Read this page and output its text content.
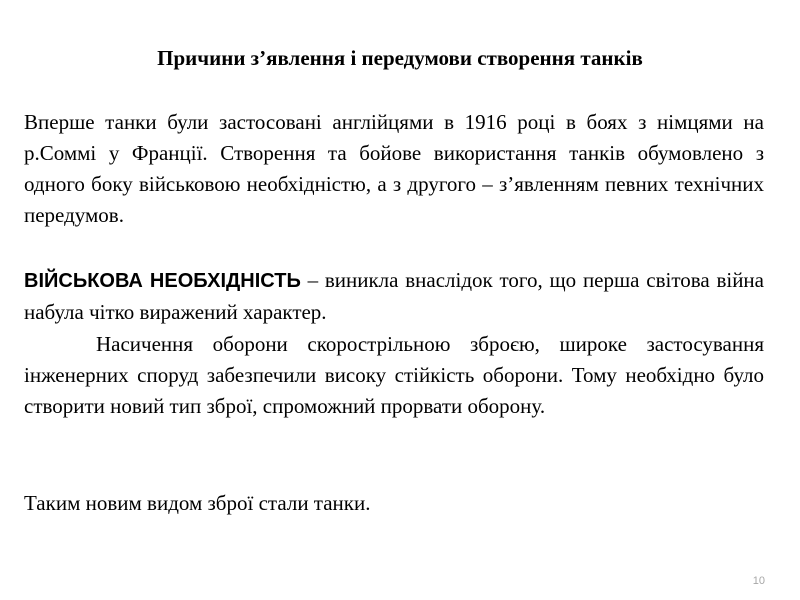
Причини з’явлення і передумови створення танків

Вперше танки були застосовані англійцями в 1916 році в боях з німцями на р.Соммі у Франції. Створення та бойове використання танків обумовлено з одного боку військовою необхідністю, а з другого – з’явленням певних технічних передумов.

ВІЙСЬКОВА НЕОБХІДНІСТЬ – виникла внаслідок того, що перша світова війна набула чітко виражений характер.

Насичення оборони скорострільною зброєю, широке застосування інженерних споруд забезпечили високу стійкість оборони. Тому необхідно було створити новий тип зброї, спроможний прорвати оборону.

Таким новим видом зброї стали танки.

10
